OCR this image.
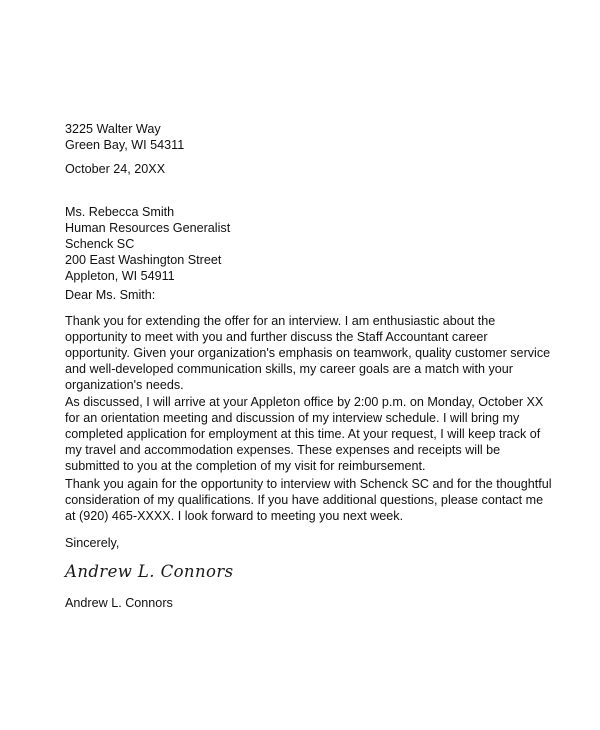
3225 Walter Way

Green Bay, WI 54311

October 24, 20XX

Ms. Rebecca Smith

Human Resources Generalist

Schenck SC

200 East Washington Street

Appleton, WI 54911

Dear Ms. Smith:

Thank you for extending the offer for an interview. I am enthusiastic about the

opportunity to meet with you and further discuss the Staff Accountant career

opportunity. Given your organization's emphasis on teamwork, quality customer service

and well-developed communication skills, my career goals are a match with your

organization's needs.

As discussed, I will arrive at your Appleton office by 2:00 p.m. on Monday, October XX

for an orientation meeting and discussion of my interview schedule. I will bring my

completed application for employment at this time. At your request, I will keep track of

my travel and accommodation expenses. These expenses and receipts will be

submitted to you at the completion of my visit for reimbursement.

Thank you again for the opportunity to interview with Schenck SC and for the thoughtful

consideration of my qualifications. If you have additional questions, please contact me

at (920) 465-XXXX. I look forward to meeting you next week.

Sincerely,

Andrew L. Connors

Andrew L. Connors
